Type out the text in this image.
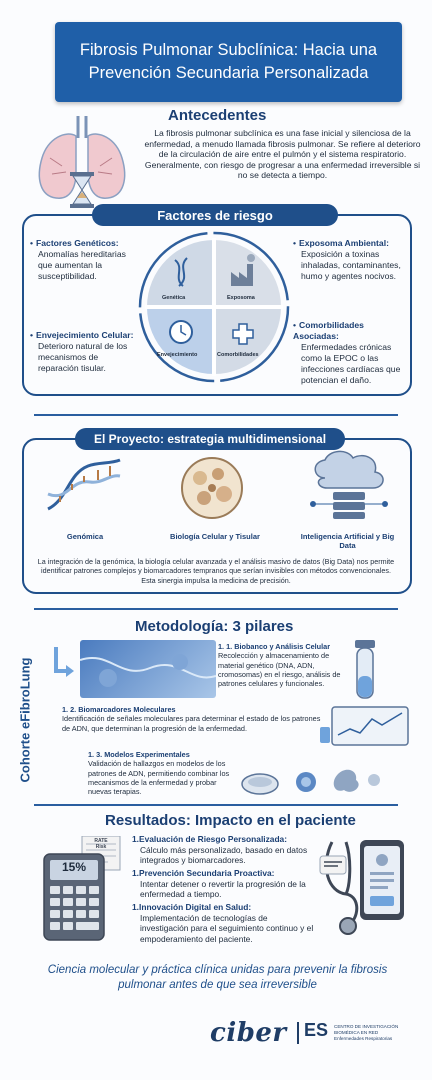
Fibrosis Pulmonar Subclínica: Hacia una Prevención Secundaria Personalizada
Antecedentes
La fibrosis pulmonar subclínica es una fase inicial y silenciosa de la enfermedad, a menudo llamada fibrosis pulmonar. Se refiere al deterioro de la circulación de aire entre el pulmón y el sistema respiratorio. Generalmente, con riesgo de progresar a una enfermedad irreversible si no se detecta a tiempo.
Factores de riesgo
• Factores Genéticos:

Anomalías hereditarias que aumentan la susceptibilidad.
• Envejecimiento Celular:

Deterioro natural de los mecanismos de reparación tisular.
• Exposoma Ambiental:

Exposición a toxinas inhaladas, contaminantes, humo y agentes nocivos.
• Comorbilidades Asociadas:

Enfermedades crónicas como la EPOC o las infecciones cardíacas que potencian el daño.
Genética	Exposoma
Envejecimiento	Comorbilidades
El Proyecto: estrategia multidimensional
Genómica	Biología Celular y Tisular	Inteligencia Artificial y Big Data
La integración de la genómica, la biología celular avanzada y el análisis masivo de datos (Big Data) nos permite identificar patrones complejos y biomarcadores tempranos que serían invisibles con métodos convencionales. Esta sinergia impulsa la medicina de precisión.
Metodología: 3 pilares
Cohorte eFibroLung
1. 1. Biobanco y Análisis Celular
Recolección y almacenamiento de material genético (DNA, ADN, cromosomas) en el riesgo, análisis de patrones celulares y funcionales.
1. 2. Biomarcadores Moleculares
Identificación de señales moleculares para determinar el estado de los patrones de ADN, que determinan la progresión de la enfermedad.
1. 3. Modelos Experimentales
Validación de hallazgos en modelos de los patrones de ADN, permitiendo combinar los mecanismos de la enfermedad y probar nuevas terapias.
Resultados: Impacto en el paciente
15%
RATE
Risk
1.Evaluación de Riesgo Personalizada:

Cálculo más personalizado, basado en datos integrados y biomarcadores.
1.Prevención Secundaria Proactiva:

Intentar detener o revertir la progresión de la enfermedad a tiempo.
1.Innovación Digital en Salud:

Implementación de tecnologías de investigación para el seguimiento continuo y el empoderamiento del paciente.
Ciencia molecular y práctica clínica unidas para prevenir la fibrosis pulmonar antes de que sea irreversible
ciber ES CENTRO DE INVESTIGACIÓN
BIOMÉDICA EN RED
Enfermedades Respiratorias
